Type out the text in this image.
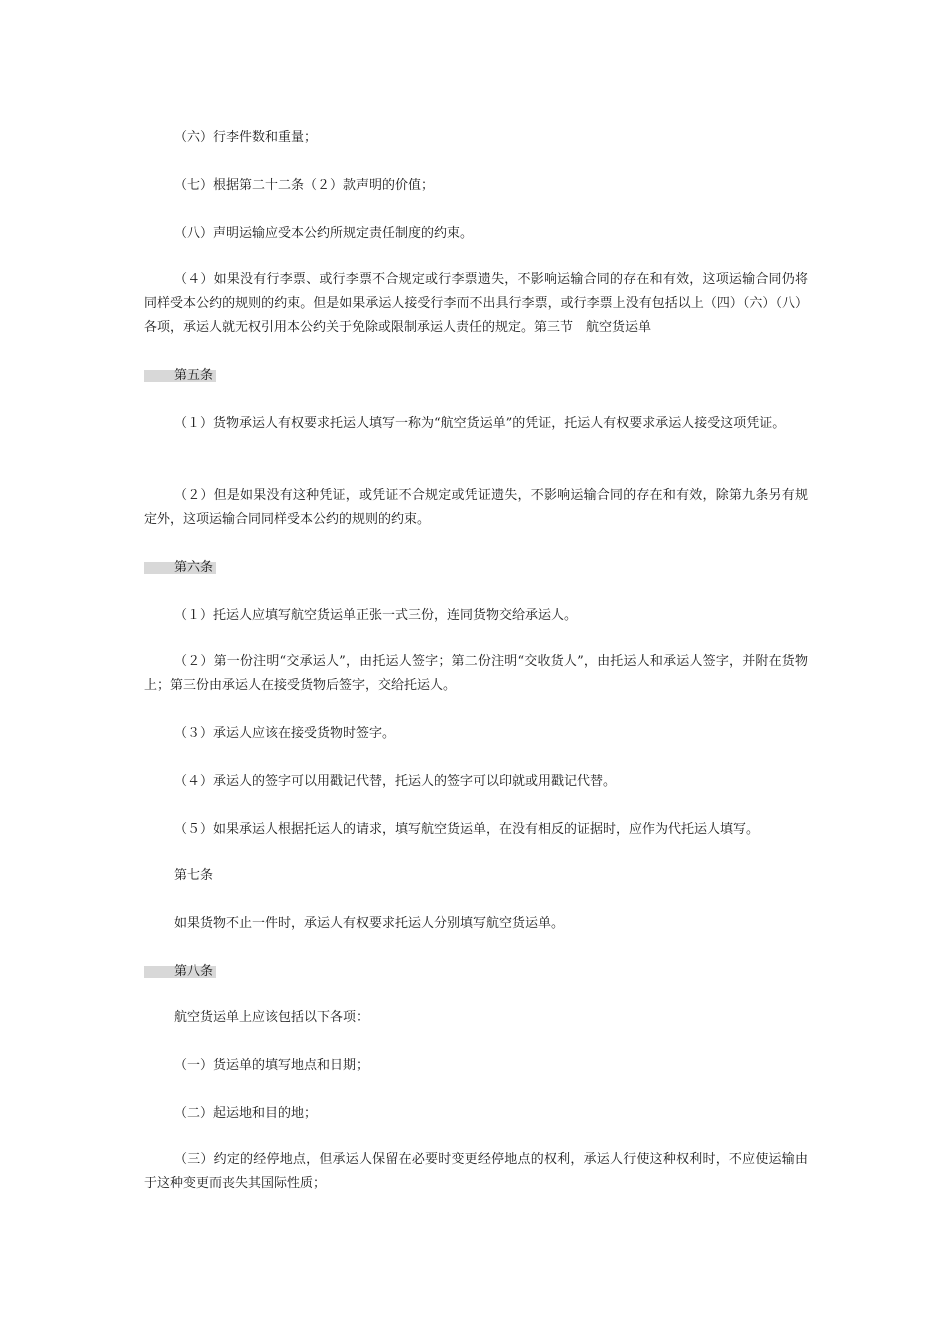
（六）行李件数和重量；

（七）根据第二十二条（２）款声明的价值；

（八）声明运输应受本公约所规定责任制度的约束。

（４）如果没有行李票、或行李票不合规定或行李票遗失，不影响运输合同的存在和有效，这项运输合同仍将同样受本公约的规则的约束。但是如果承运人接受行李而不出具行李票，或行李票上没有包括以上（四）（六）（八）各项，承运人就无权引用本公约关于免除或限制承运人责任的规定。第三节　航空货运单

第五条

（１）货物承运人有权要求托运人填写一称为“航空货运单”的凭证，托运人有权要求承运人接受这项凭证。

（２）但是如果没有这种凭证，或凭证不合规定或凭证遗失，不影响运输合同的存在和有效，除第九条另有规定外，这项运输合同同样受本公约的规则的约束。

第六条

（１）托运人应填写航空货运单正张一式三份，连同货物交给承运人。

（２）第一份注明“交承运人”，由托运人签字；第二份注明“交收货人”，由托运人和承运人签字，并附在货物上；第三份由承运人在接受货物后签字，交给托运人。

（３）承运人应该在接受货物时签字。

（４）承运人的签字可以用戳记代替，托运人的签字可以印就或用戳记代替。

（５）如果承运人根据托运人的请求，填写航空货运单，在没有相反的证据时，应作为代托运人填写。

第七条

如果货物不止一件时，承运人有权要求托运人分别填写航空货运单。

第八条

航空货运单上应该包括以下各项：

（一）货运单的填写地点和日期；

（二）起运地和目的地；

（三）约定的经停地点，但承运人保留在必要时变更经停地点的权利，承运人行使这种权利时，不应使运输由于这种变更而丧失其国际性质；
